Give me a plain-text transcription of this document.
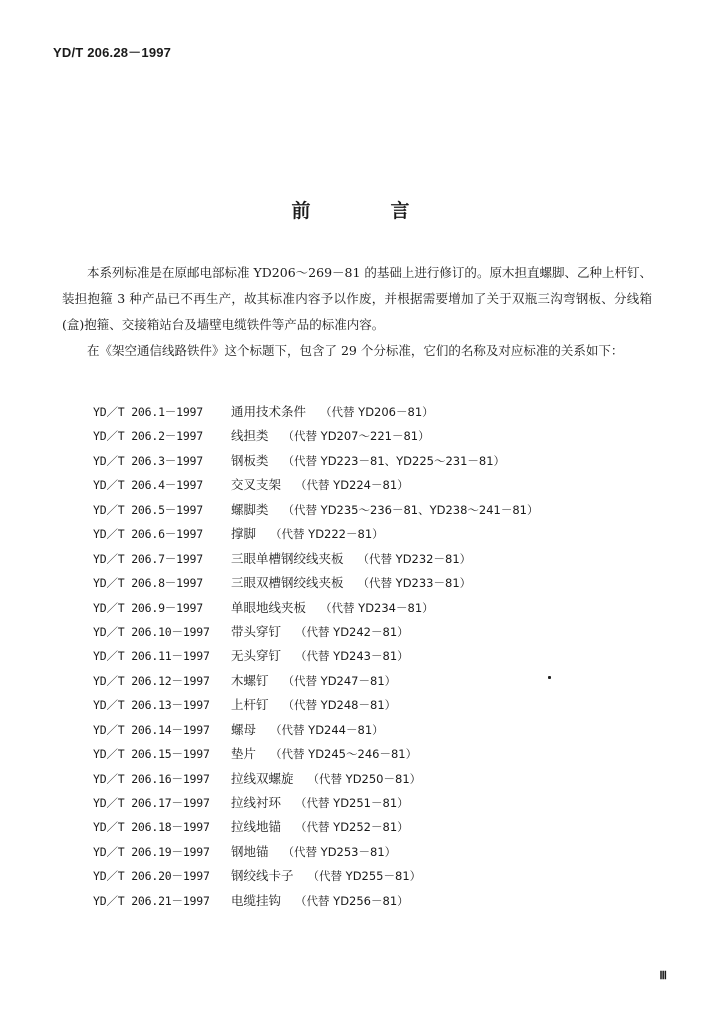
YD/T 206.28－1997
前	言

本系列标准是在原邮电部标准 YD206～269－81 的基础上进行修订的。原木担直螺脚、乙种上杆钉、装担抱箍 3 种产品已不再生产，故其标准内容予以作废，并根据需要增加了关于双瓶三沟弯钢板、分线箱(盒)抱箍、交接箱站台及墙壁电缆铁件等产品的标准内容。

在《架空通信线路铁件》这个标题下，包含了 29 个分标准，它们的名称及对应标准的关系如下：

YD／T 206.1－1997	通用技术条件 （代替 YD206－81）
YD／T 206.2－1997	线担类 （代替 YD207～221－81）
YD／T 206.3－1997	钢板类 （代替 YD223－81、YD225～231－81）
YD／T 206.4－1997	交叉支架 （代替 YD224－81）
YD／T 206.5－1997	螺脚类 （代替 YD235～236－81、YD238～241－81）
YD／T 206.6－1997	撑脚 （代替 YD222－81）
YD／T 206.7－1997	三眼单槽钢绞线夹板 （代替 YD232－81）
YD／T 206.8－1997	三眼双槽钢绞线夹板 （代替 YD233－81）
YD／T 206.9－1997	单眼地线夹板 （代替 YD234－81）
YD／T 206.10－1997	带头穿钉 （代替 YD242－81）
YD／T 206.11－1997	无头穿钉 （代替 YD243－81）
YD／T 206.12－1997	木螺钉 （代替 YD247－81）
YD／T 206.13－1997	上杆钉 （代替 YD248－81）
YD／T 206.14－1997	螺母 （代替 YD244－81）
YD／T 206.15－1997	垫片 （代替 YD245～246－81）
YD／T 206.16－1997	拉线双螺旋 （代替 YD250－81）
YD／T 206.17－1997	拉线衬环 （代替 YD251－81）
YD／T 206.18－1997	拉线地锚 （代替 YD252－81）
YD／T 206.19－1997	钢地锚 （代替 YD253－81）
YD／T 206.20－1997	钢绞线卡子 （代替 YD255－81）
YD／T 206.21－1997	电缆挂钩 （代替 YD256－81）
Ⅲ
